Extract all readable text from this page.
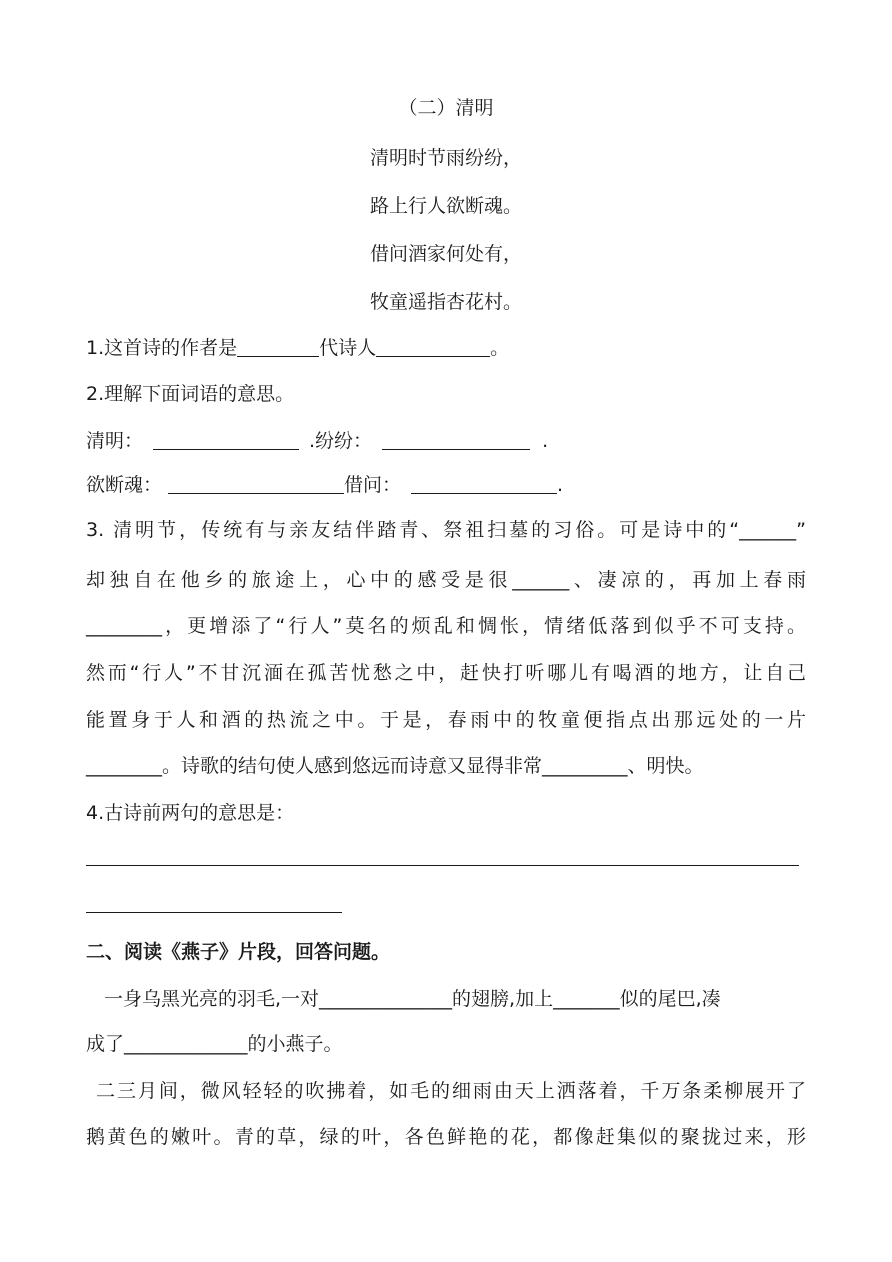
（二）清明
清明时节雨纷纷，
路上行人欲断魂。
借问酒家何处有，
牧童遥指杏花村。
1.这首诗的作者是	代诗人	。
2.理解下面词语的意思。
清明：	.纷纷：	.
欲断魂：	借问：	.
3. 清明节，传统有与亲友结伴踏青、祭祖扫墓的习俗。可是诗中的“______”
却独自在他乡的旅途上，心中的感受是很______、凄凉的，再加上春雨
________，更增添了“行人”莫名的烦乱和惆怅，情绪低落到似乎不可支持。
然而“行人”不甘沉湎在孤苦忧愁之中，赶快打听哪儿有喝酒的地方，让自己
能置身于人和酒的热流之中。于是，春雨中的牧童便指点出那远处的一片
________。诗歌的结句使人感到悠远而诗意又显得非常_________、明快。
4.古诗前两句的意思是：
二、阅读《燕子》片段，回答问题。
一身乌黑光亮的羽毛,一对______________的翅膀,加上_______似的尾巴,凑
成了_____________的小燕子。
二三月间，微风轻轻的吹拂着，如毛的细雨由天上洒落着，千万条柔柳展开了
鹅黄色的嫩叶。青的草，绿的叶，各色鲜艳的花，都像赶集似的聚拢过来，形
